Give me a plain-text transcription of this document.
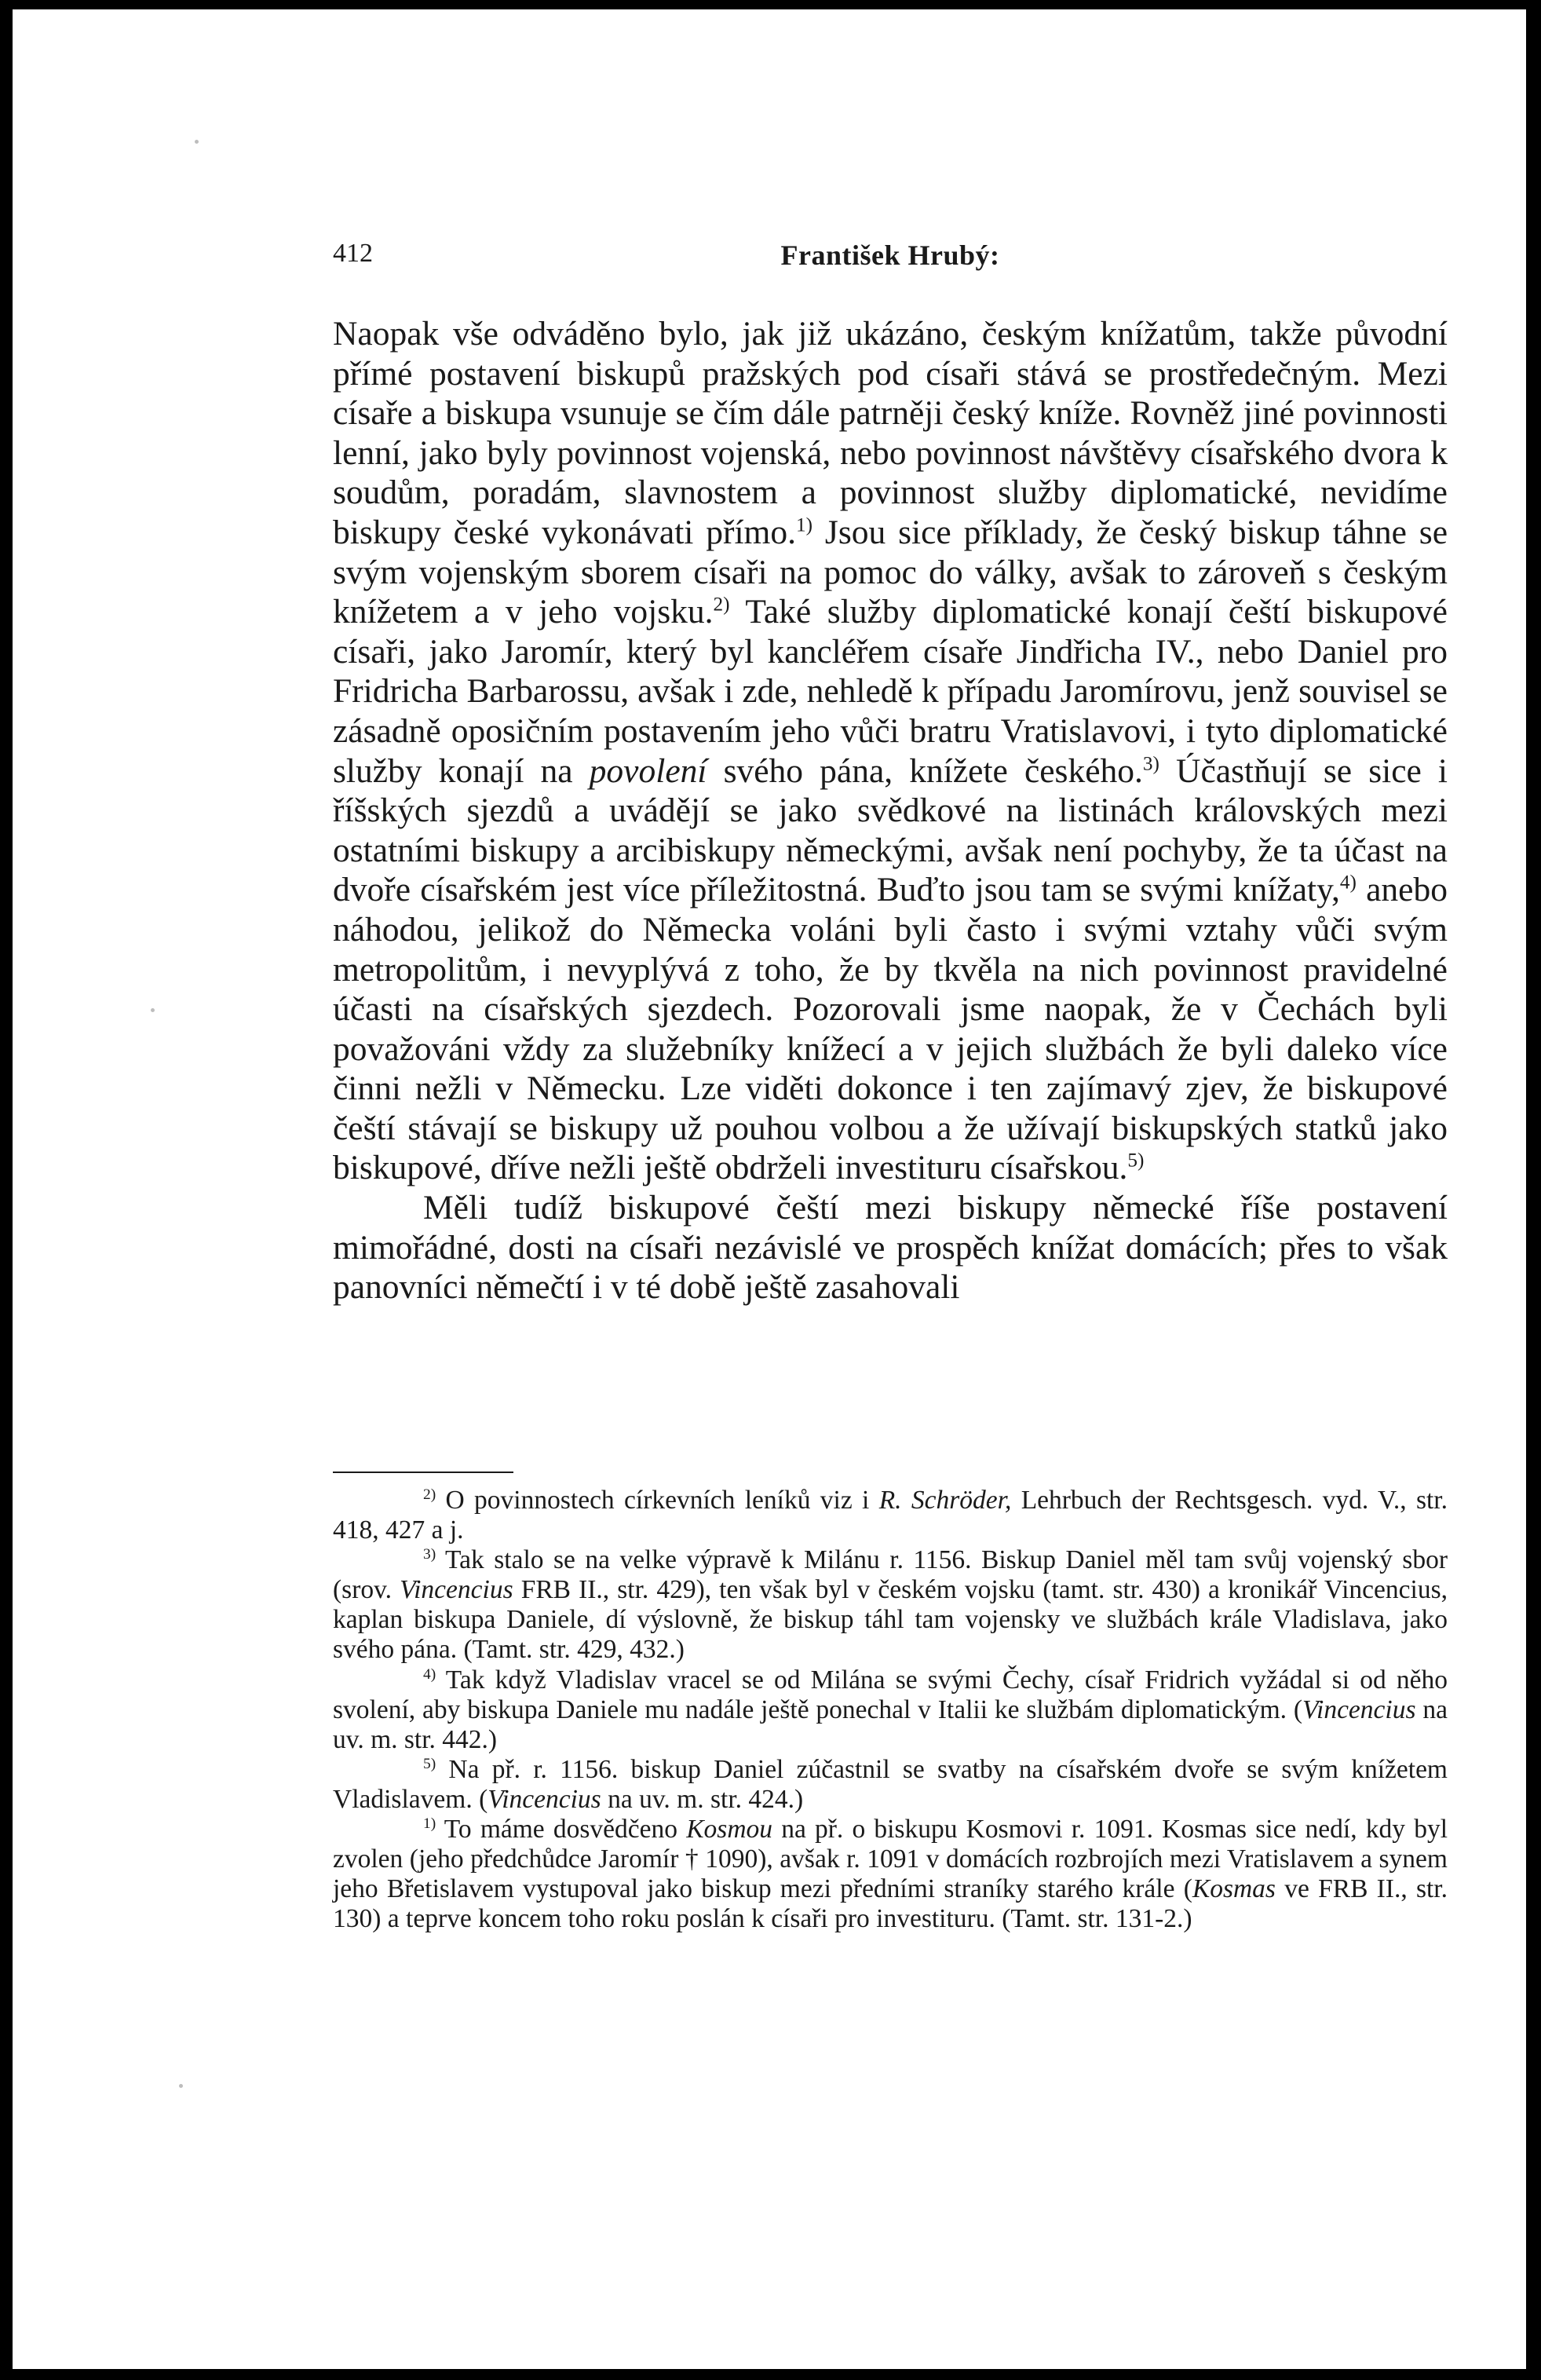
412	František Hrubý:

Naopak vše odváděno bylo, jak již ukázáno, českým knížatům, takže původní přímé postavení biskupů pražských pod císaři stává se prostředečným. Mezi císaře a biskupa vsunuje se čím dále patrněji český kníže. Rovněž jiné povinnosti lenní, jako byly povinnost vojenská, nebo povinnost návštěvy císařského dvora k soudům, poradám, slavnostem a povinnost služby diplomatické, nevidíme biskupy české vykonávati přímo.$^{1)}$ Jsou sice příklady, že český biskup táhne se svým vojenským sborem císaři na pomoc do války, avšak to zároveň s českým knížetem a v jeho vojsku.$^{2)}$ Také služby diplomatické konají čeští biskupové císaři, jako Jaromír, který byl kancléřem císaře Jindřicha IV., nebo Daniel pro Fridricha Barbarossu, avšak i zde, nehledě k případu Jaromírovu, jenž souvisel se zásadně oposičním postavením jeho vůči bratru Vratislavovi, i tyto diplomatické služby konají na povolení svého pána, knížete českého.$^{3)}$ Účastňují se sice i říšských sjezdů a uvádějí se jako svědkové na listinách královských mezi ostatními biskupy a arcibiskupy německými, avšak není pochyby, že ta účast na dvoře císařském jest více příležitostná. Buďto jsou tam se svými knížaty,$^{4)}$ anebo náhodou, jelikož do Německa voláni byli často i svými vztahy vůči svým metropolitům, i nevyplývá z toho, že by tkvěla na nich povinnost pravidelné účasti na císařských sjezdech. Pozorovali jsme naopak, že v Čechách byli považováni vždy za služebníky knížecí a v jejich službách že byli daleko více činni nežli v Německu. Lze viděti dokonce i ten zajímavý zjev, že biskupové čeští stávají se biskupy už pouhou volbou a že užívají biskupských statků jako biskupové, dříve nežli ještě obdrželi investituru císařskou.$^{5)}$

Měli tudíž biskupové čeští mezi biskupy německé říše postavení mimořádné, dosti na císaři nezávislé ve prospěch knížat domácích; přes to však panovníci němečtí i v té době ještě zasahovali

$^{2)}$ O povinnostech církevních leníků viz i R. Schröder, Lehrbuch der Rechtsgesch. vyd. V., str. 418, 427 a j.

$^{3)}$ Tak stalo se na velke výpravě k Milánu r. 1156. Biskup Daniel měl tam svůj vojenský sbor (srov. Vincencius FRB II., str. 429), ten však byl v českém vojsku (tamt. str. 430) a kronikář Vincencius, kaplan biskupa Daniele, dí výslovně, že biskup táhl tam vojensky ve službách krále Vladislava, jako svého pána. (Tamt. str. 429, 432.)

$^{4)}$ Tak když Vladislav vracel se od Milána se svými Čechy, císař Fridrich vyžádal si od něho svolení, aby biskupa Daniele mu nadále ještě ponechal v Italii ke službám diplomatickým. (Vincencius na uv. m. str. 442.)

$^{5)}$ Na př. r. 1156. biskup Daniel zúčastnil se svatby na císařském dvoře se svým knížetem Vladislavem. (Vincencius na uv. m. str. 424.)

$^{1)}$ To máme dosvědčeno Kosmou na př. o biskupu Kosmovi r. 1091. Kosmas sice nedí, kdy byl zvolen (jeho předchůdce Jaromír † 1090), avšak r. 1091 v domácích rozbrojích mezi Vratislavem a synem jeho Břetislavem vystupoval jako biskup mezi předními straníky starého krále (Kosmas ve FRB II., str. 130) a teprve koncem toho roku poslán k císaři pro investituru. (Tamt. str. 131-2.)
